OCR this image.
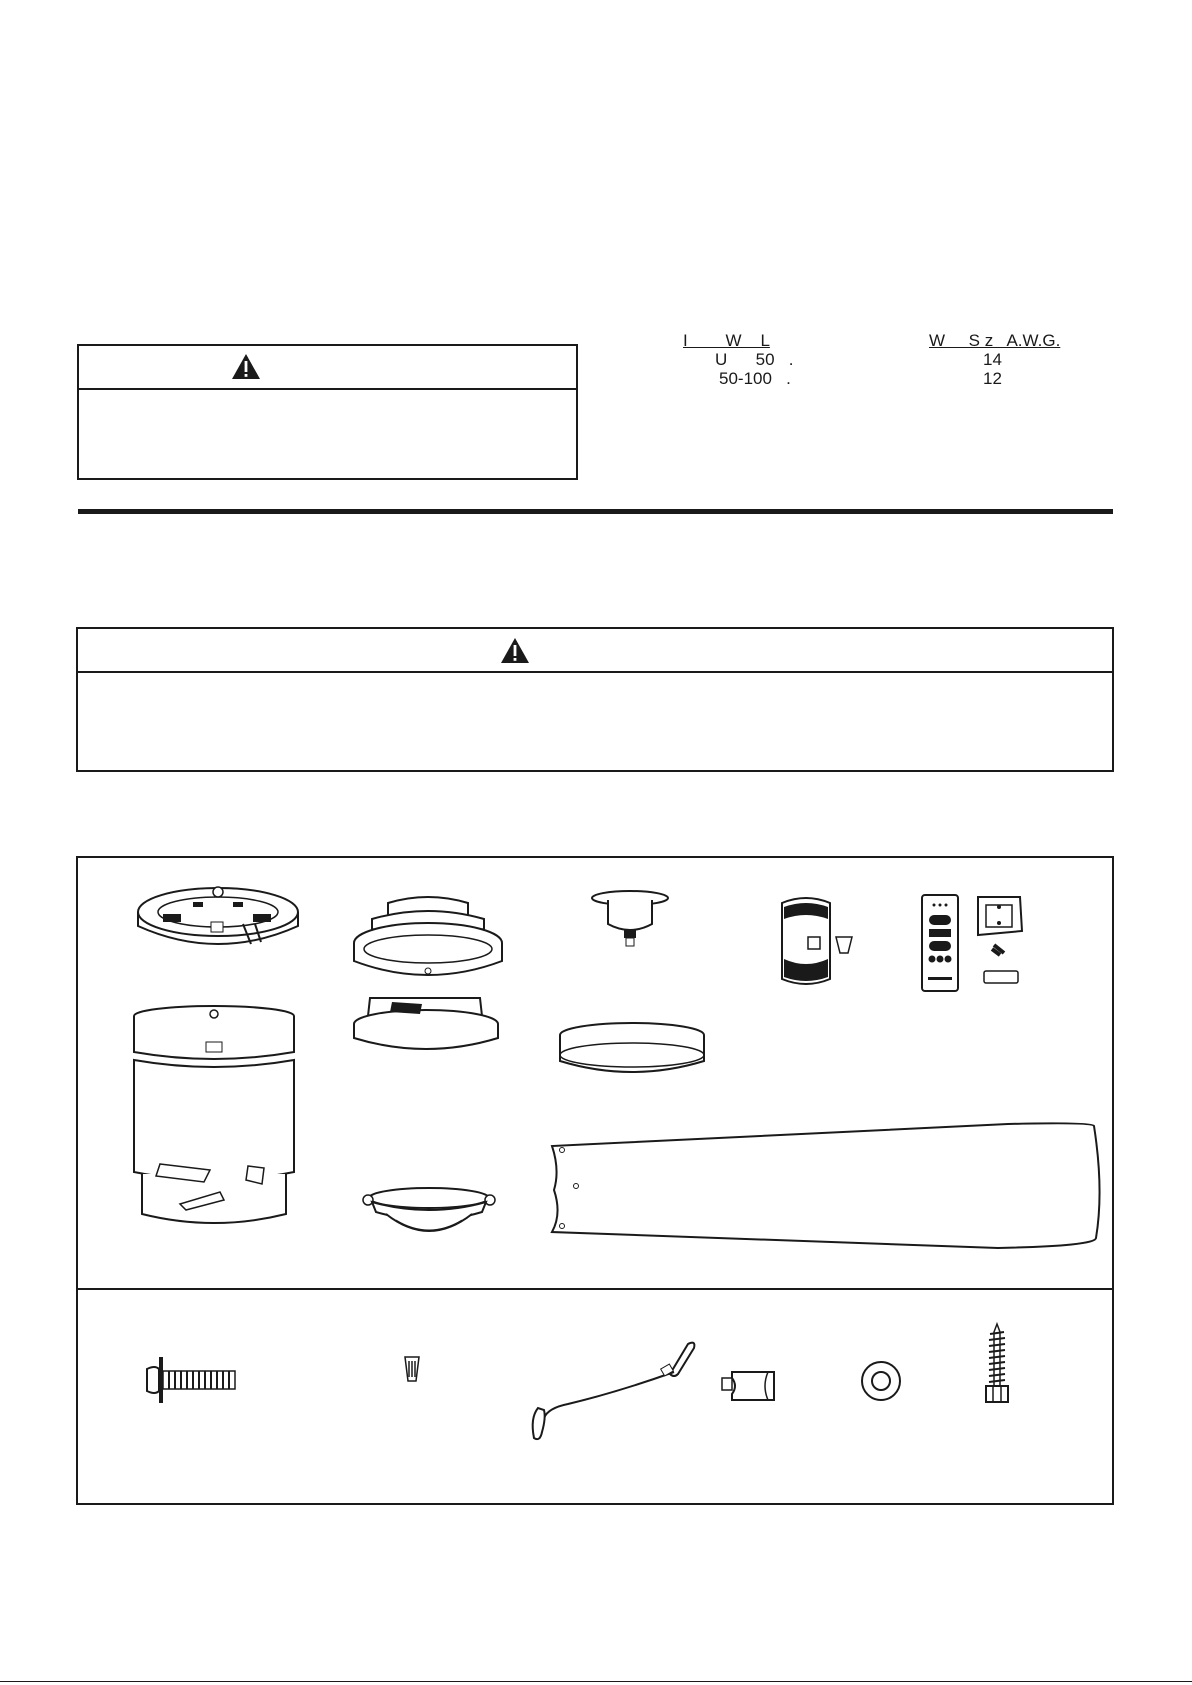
I        W    L	W     S z   A.W.G.
U      50   .	14
50-100   .	12
